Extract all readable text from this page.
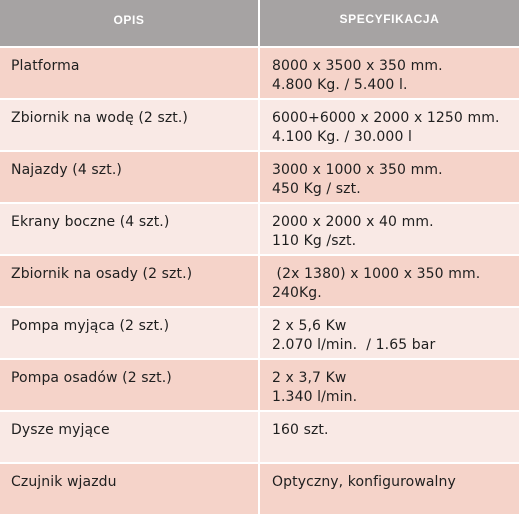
OPIS	SPECYFIKACJA
Platforma	8000 x 3500 x 350 mm.
4.800 Kg. / 5.400 l.
Zbiornik na wodę (2 szt.)	6000+6000 x 2000 x 1250 mm.
4.100 Kg. / 30.000 l
Najazdy (4 szt.)	3000 x 1000 x 350 mm.
450 Kg / szt.
Ekrany boczne (4 szt.)	2000 x 2000 x 40 mm.
110 Kg /szt.
Zbiornik na osady (2 szt.)	(2x 1380) x 1000 x 350 mm.
240Kg.
Pompa myjąca (2 szt.)	2 x 5,6 Kw
2.070 l/min.  / 1.65 bar
Pompa osadów (2 szt.)	2 x 3,7 Kw
1.340 l/min.
Dysze myjące	160 szt.
Czujnik wjazdu	Optyczny, konfigurowalny
